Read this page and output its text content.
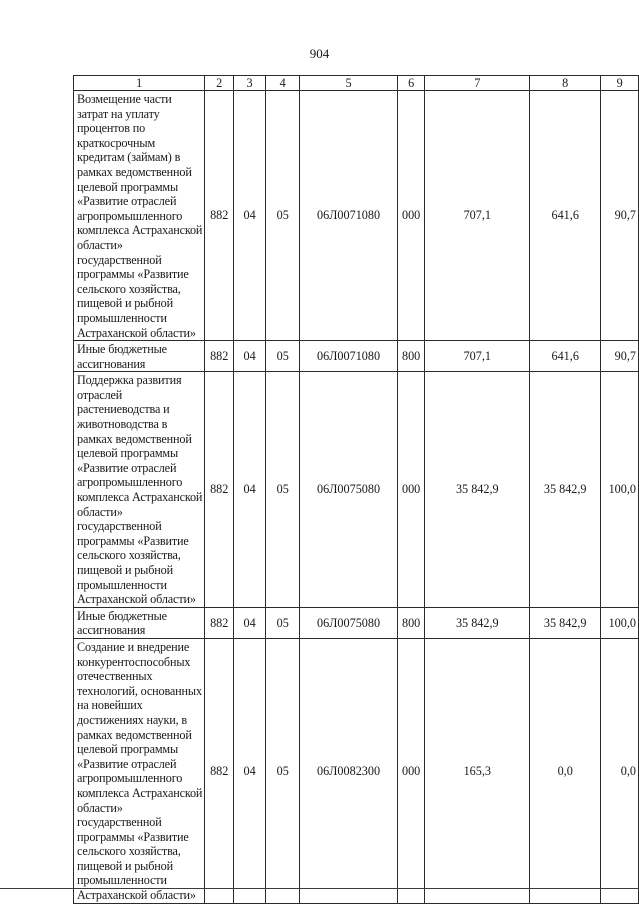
904
1	2	3	4	5	6	7	8	9
Возмещение части затрат на уплату процентов по краткосрочным кредитам (займам) в рамках ведомственной целевой программы «Развитие отраслей агропромышленного комплекса Астраханской области» государственной программы «Развитие сельского хозяйства, пищевой и рыбной промышленности Астраханской области»	882	04	05	06Л0071080	000	707,1	641,6	90,7
Иные бюджетные ассигнования	882	04	05	06Л0071080	800	707,1	641,6	90,7
Поддержка развития отраслей растениеводства и животноводства в рамках ведомственной целевой программы «Развитие отраслей агропромышленного комплекса Астраханской области» государственной программы «Развитие сельского хозяйства, пищевой и рыбной промышленности Астраханской области»	882	04	05	06Л0075080	000	35 842,9	35 842,9	100,0
Иные бюджетные ассигнования	882	04	05	06Л0075080	800	35 842,9	35 842,9	100,0
Создание и внедрение конкурентоспособных отечественных технологий, основанных на новейших достижениях науки, в рамках ведомственной целевой программы «Развитие отраслей агропромышленного комплекса Астраханской области» государственной программы «Развитие сельского хозяйства, пищевой и рыбной промышленности Астраханской области»	882	04	05	06Л0082300	000	165,3	0,0	0,0
